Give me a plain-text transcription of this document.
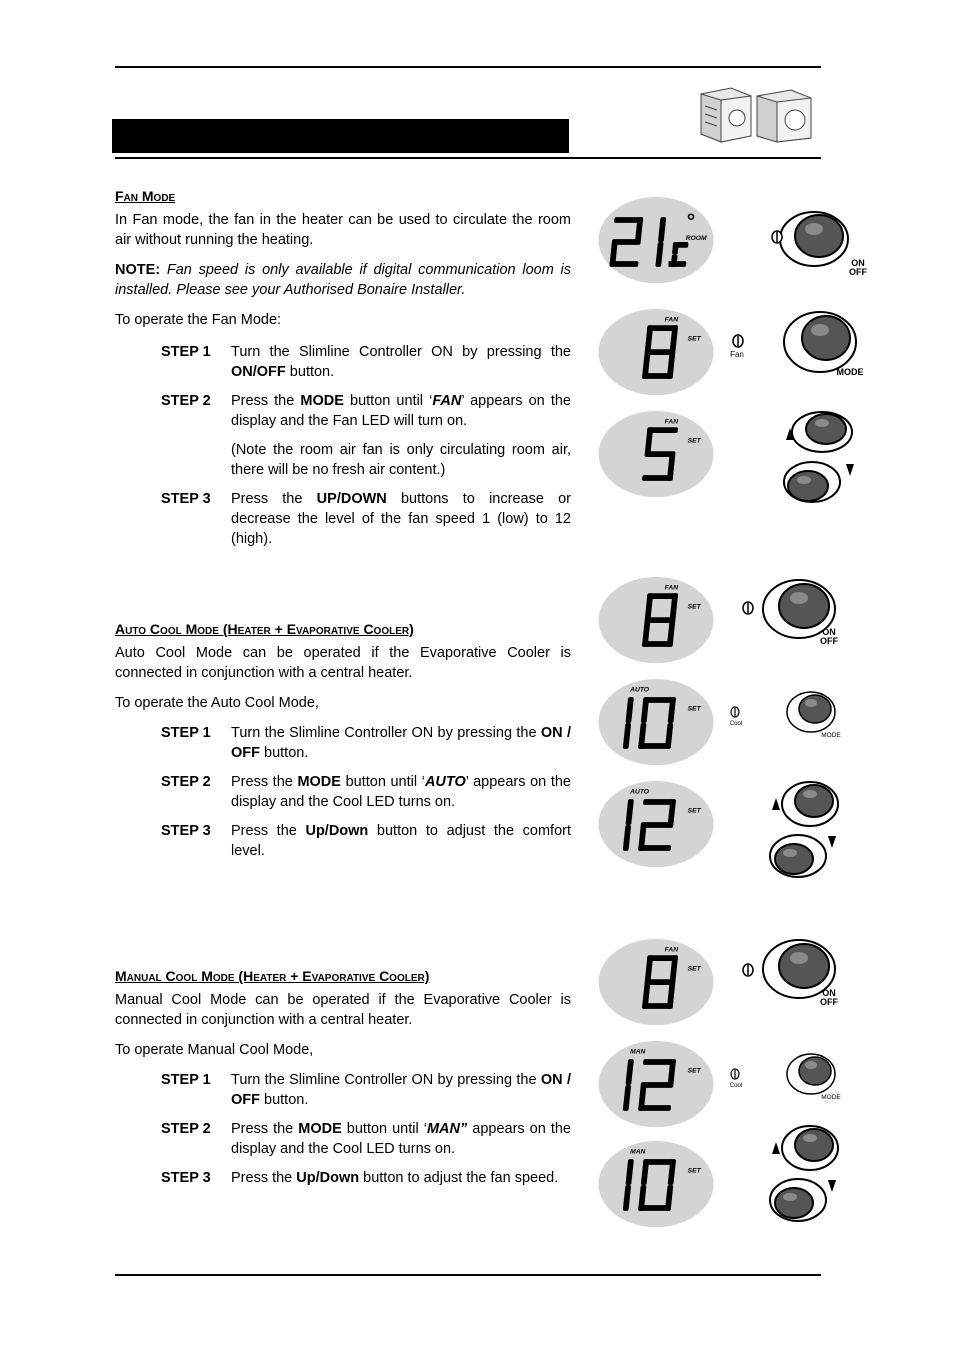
Fan Mode
In Fan mode, the fan in the heater can be used to circulate the room air without running the heating.
NOTE: Fan speed is only available if digital communication loom is installed. Please see your Authorised Bonaire Installer.
To operate the Fan Mode:
STEP 1	Turn the Slimline Controller ON by pressing the ON/OFF button.
STEP 2	Press the MODE button until ‘FAN’ appears on the display and the Fan LED will turn on.
(Note the room air fan is only circulating room air, there will be no fresh air content.)
STEP 3	Press the UP/DOWN buttons to increase or decrease the level of the fan speed 1 (low) to 12 (high).
Auto Cool Mode (Heater + Evaporative Cooler)
Auto Cool Mode can be operated if the Evaporative Cooler is connected in conjunction with a central heater.
To operate the Auto Cool Mode,
STEP 1	Turn the Slimline Controller ON by pressing the ON / OFF button.
STEP 2	Press the MODE button until ‘AUTO’ appears on the display and the Cool LED turns on.
STEP 3	Press the Up/Down button to adjust the comfort level.
Manual Cool Mode (Heater + Evaporative Cooler)
Manual Cool Mode can be operated if the Evaporative Cooler is connected in conjunction with a central heater.
To operate Manual Cool Mode,
STEP 1	Turn the Slimline Controller ON by pressing the ON / OFF button.
STEP 2	Press the MODE button until ‘MAN” appears on the display and the Cool LED turns on.
STEP 3	Press the Up/Down button to adjust the fan speed.
ROOM
°
FAN
SET
FAN
SET
FAN
SET
AUTO
SET
AUTO
SET
FAN
SET
MAN
SET
MAN
SET
ON
OFF
MODE
Fan
ON
OFF
MODE
Cool
ON
OFF
MODE
Cool
